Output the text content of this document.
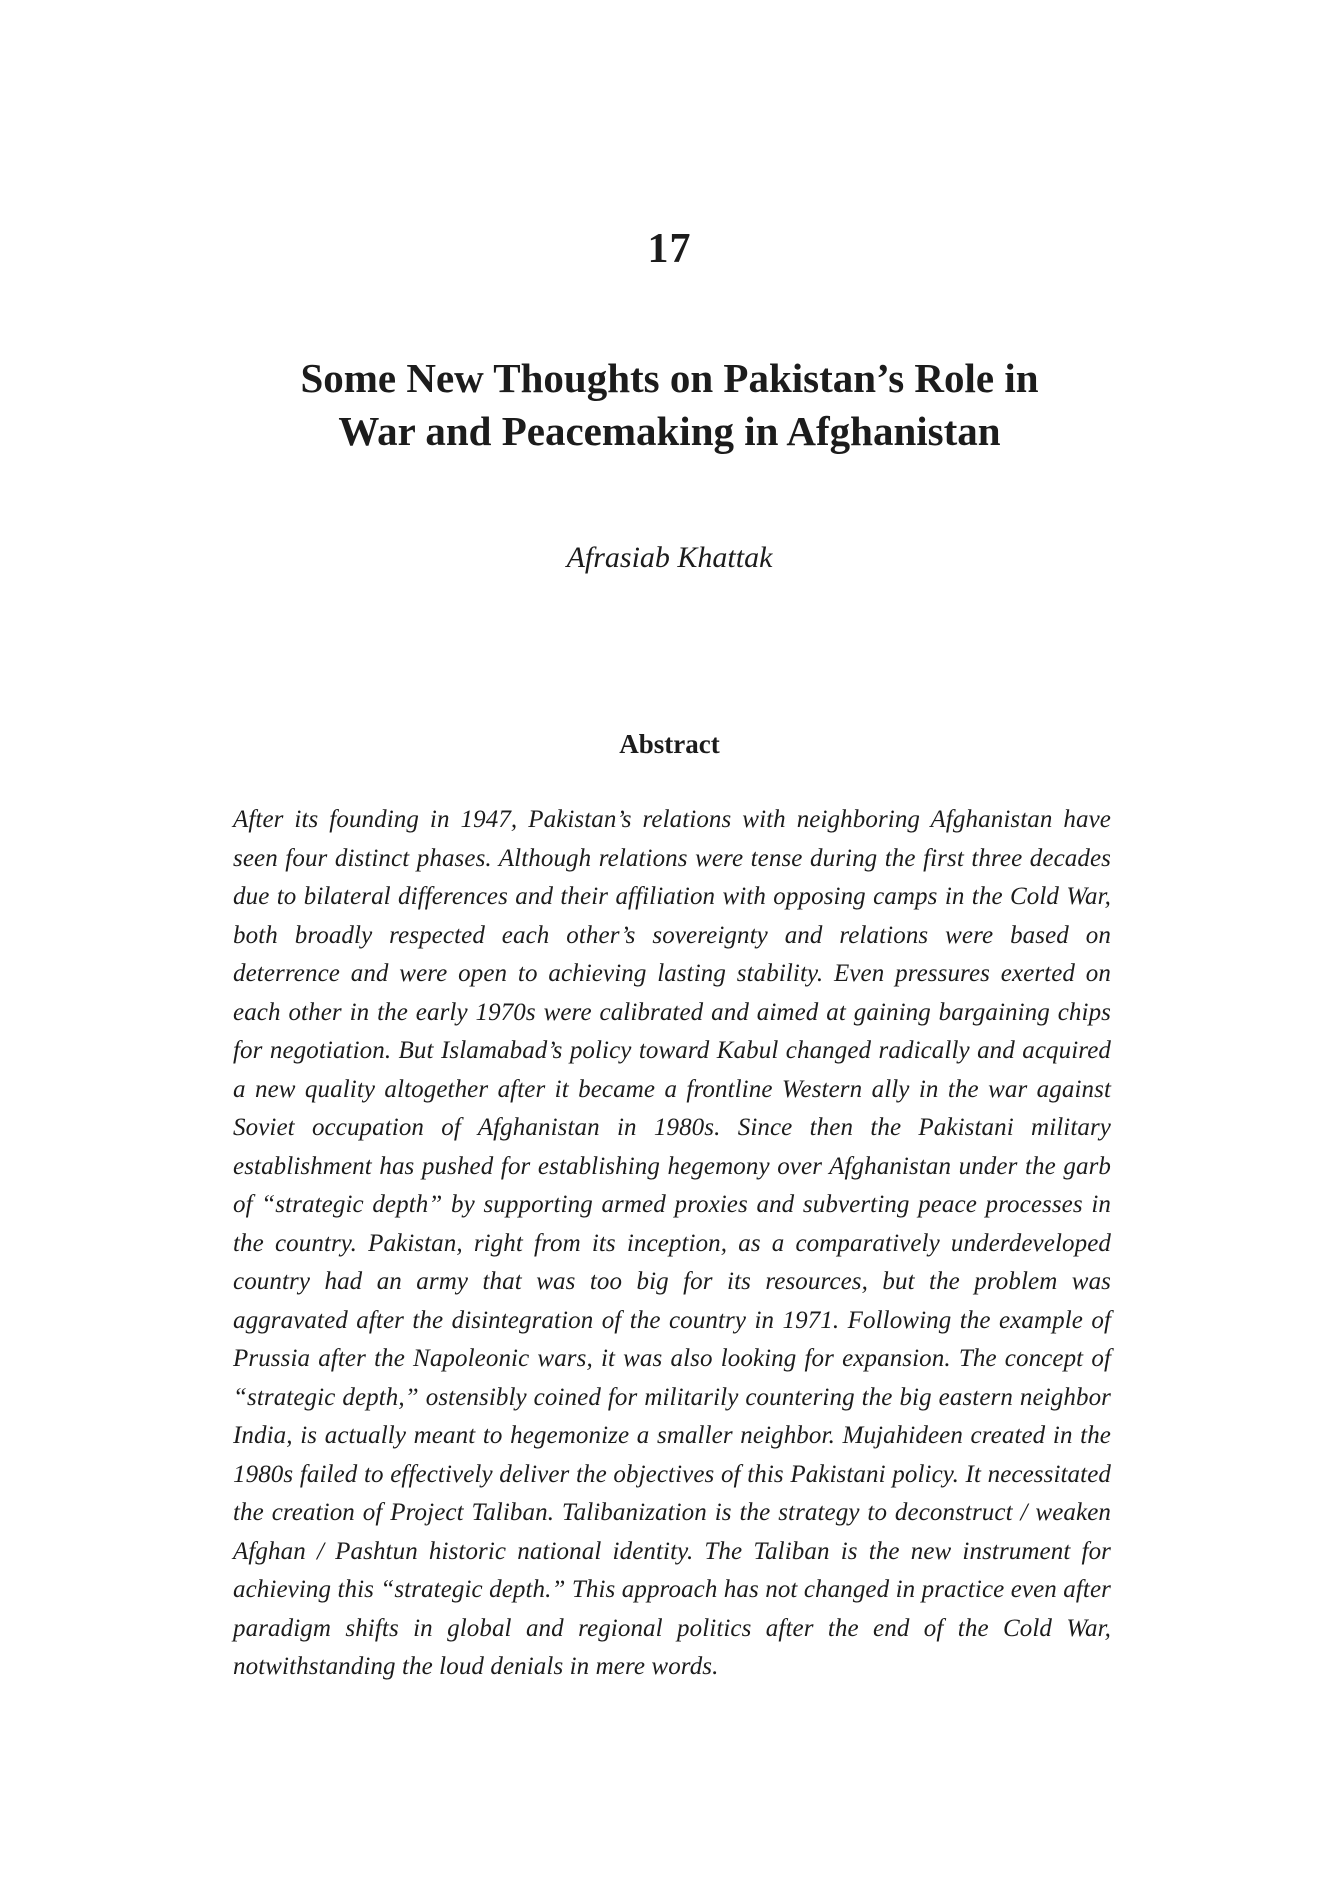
17
Some New Thoughts on Pakistan’s Role in
War and Peacemaking in Afghanistan
Afrasiab Khattak
Abstract

After its founding in 1947, Pakistan’s relations with neighboring Afghanistan have seen four distinct phases. Although relations were tense during the first three decades due to bilateral differences and their affiliation with opposing camps in the Cold War, both broadly respected each other’s sovereignty and relations were based on deterrence and were open to achieving lasting stability. Even pressures exerted on each other in the early 1970s were calibrated and aimed at gaining bargaining chips for negotiation. But Islamabad’s policy toward Kabul changed radically and acquired a new quality altogether after it became a frontline Western ally in the war against Soviet occupation of Afghanistan in 1980s. Since then the Pakistani military establishment has pushed for establishing hegemony over Afghanistan under the garb of “strategic depth” by supporting armed proxies and subverting peace processes in the country. Pakistan, right from its inception, as a comparatively underdeveloped country had an army that was too big for its resources, but the problem was aggravated after the disintegration of the country in 1971. Following the example of Prussia after the Napoleonic wars, it was also looking for expansion. The concept of “strategic depth,” ostensibly coined for militarily countering the big eastern neighbor India, is actually meant to hegemonize a smaller neighbor. Mujahideen created in the 1980s failed to effectively deliver the objectives of this Pakistani policy. It necessitated the creation of Project Taliban. Talibanization is the strategy to deconstruct / weaken Afghan / Pashtun historic national identity. The Taliban is the new instrument for achieving this “strategic depth.” This approach has not changed in practice even after paradigm shifts in global and regional politics after the end of the Cold War, notwithstanding the loud denials in mere words.
